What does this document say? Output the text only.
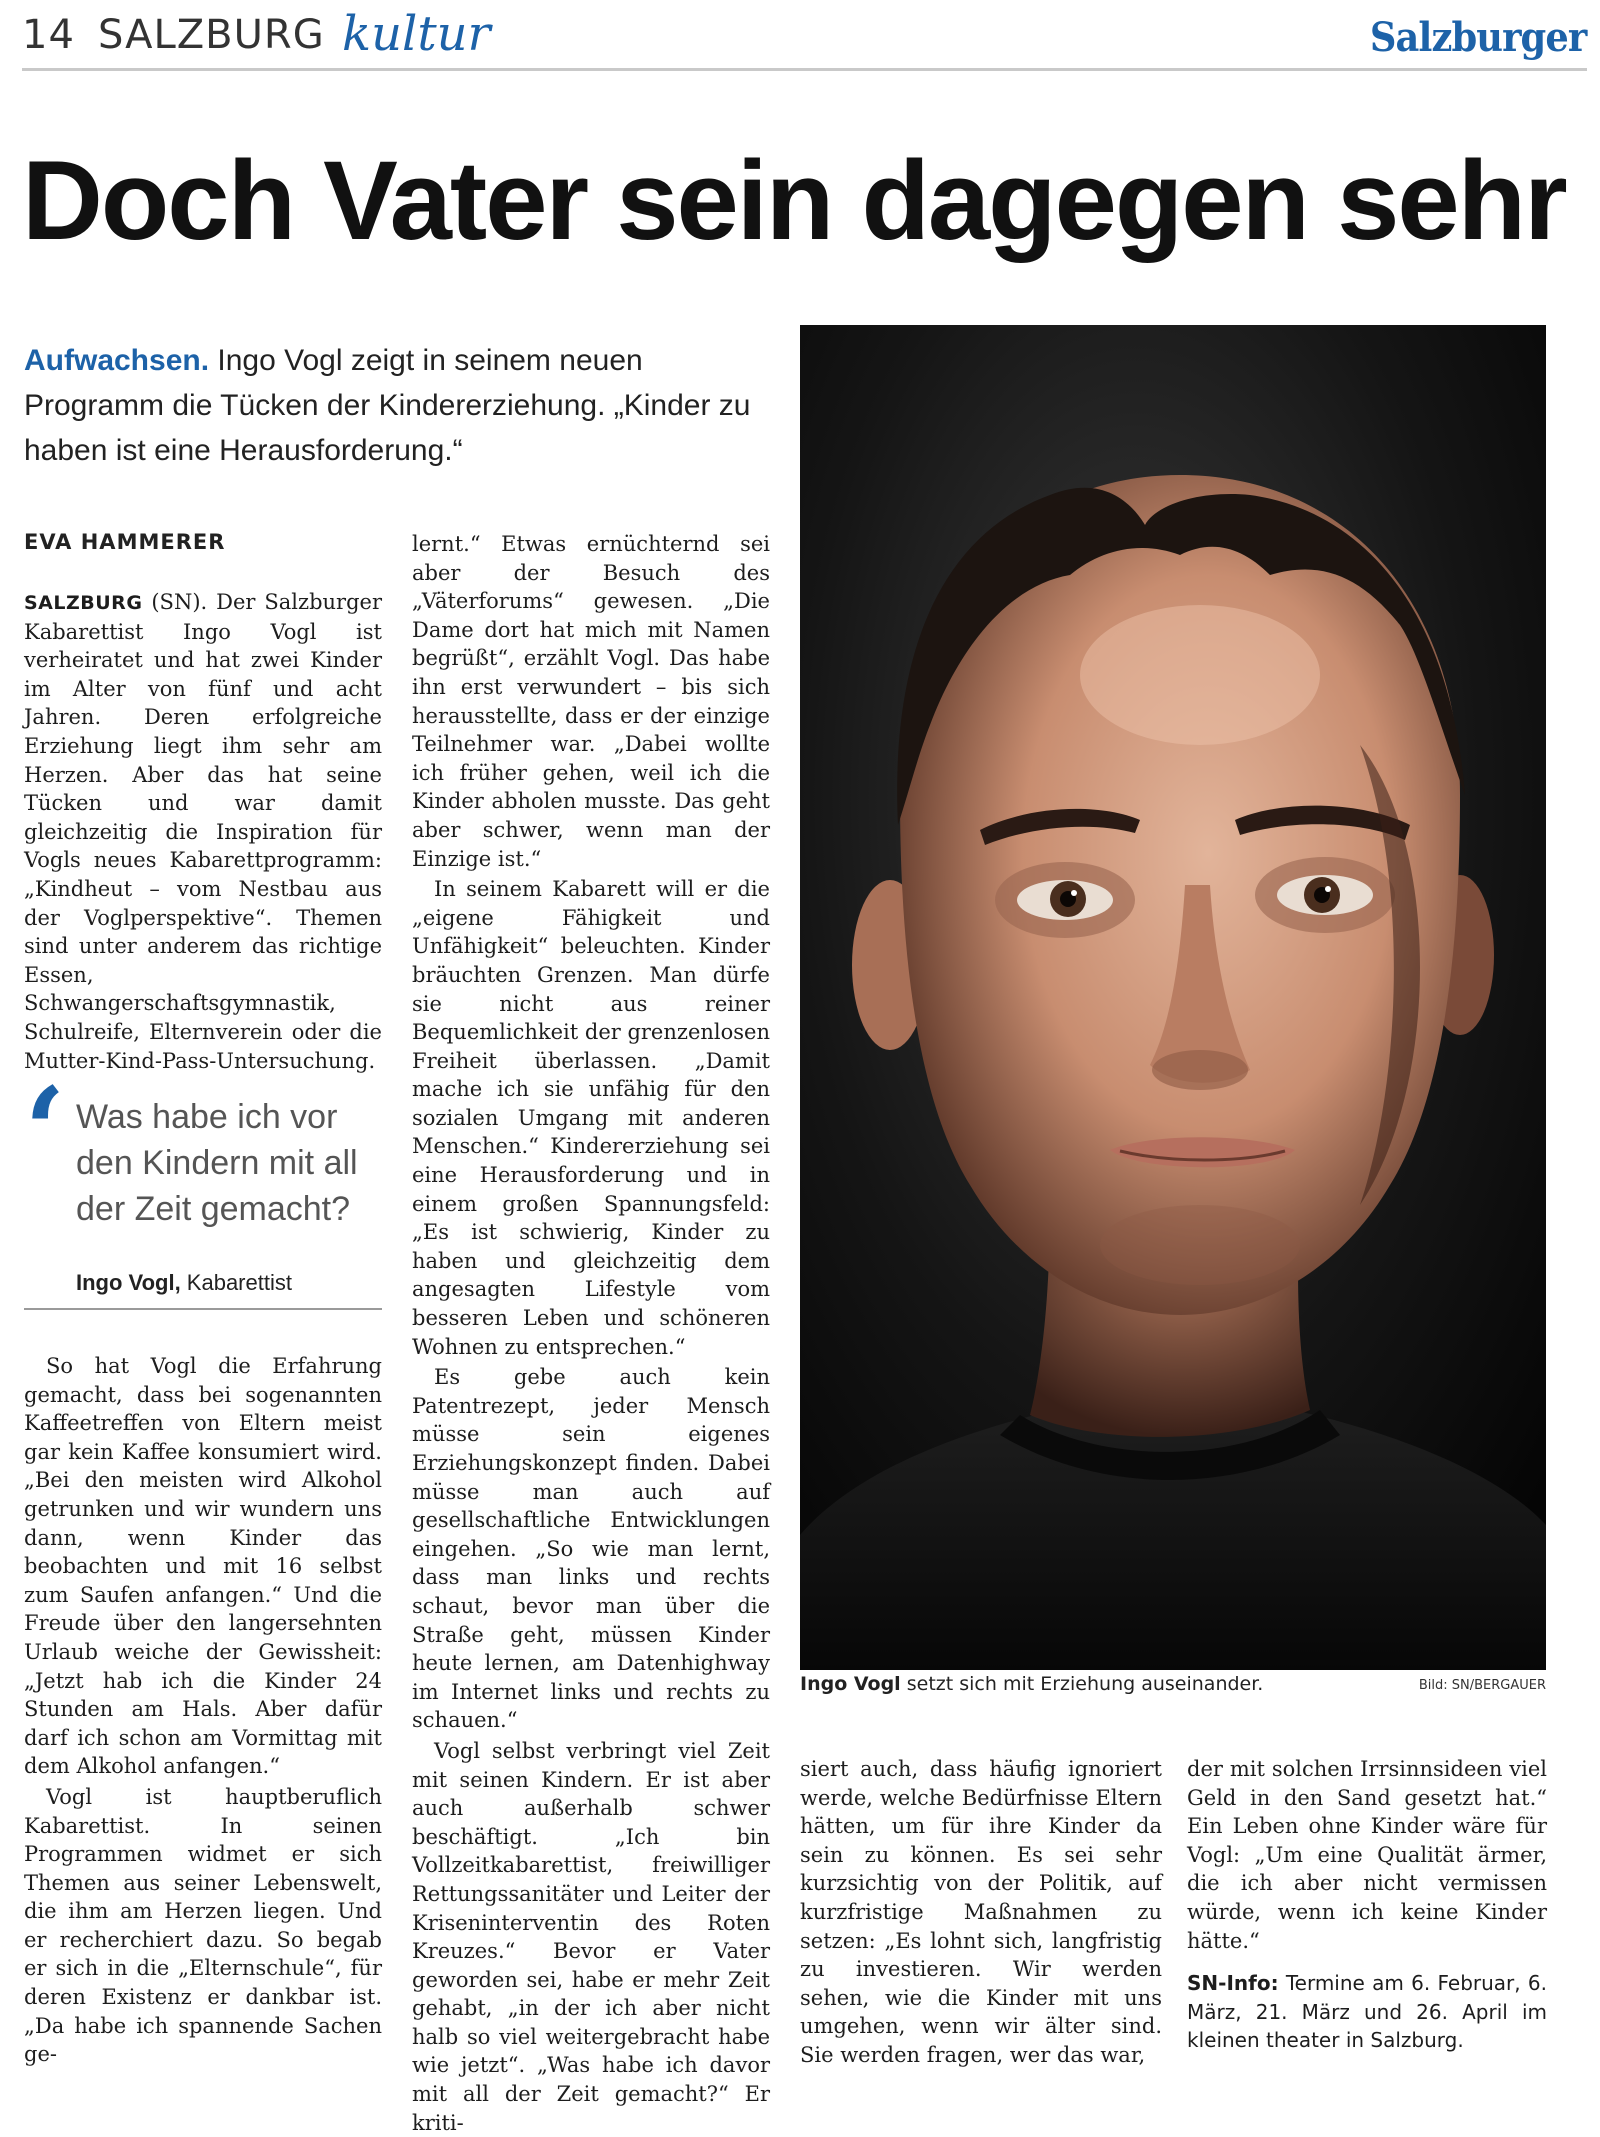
14 SALZBURG kultur	Salzburger
Doch Vater sein dagegen sehr
Aufwachsen. Ingo Vogl zeigt in seinem neuen Programm die Tücken der Kindererziehung. „Kinder zu haben ist eine Herausforderung.“
EVA HAMMERER

SALZBURG (SN). Der Salzburger Kabarettist Ingo Vogl ist verheiratet und hat zwei Kinder im Alter von fünf und acht Jahren. Deren erfolgreiche Erziehung liegt ihm sehr am Herzen. Aber das hat seine Tücken und war damit gleichzeitig die Inspiration für Vogls neues Kabarettprogramm: „Kindheut – vom Nestbau aus der Voglperspektive“. Themen sind unter anderem das richtige Essen, Schwangerschaftsgymnastik, Schulreife, Elternverein oder die Mutter-Kind-Pass-Untersuchung.

‘ Was habe ich vor den Kindern mit all der Zeit gemacht?
Ingo Vogl, Kabarettist

So hat Vogl die Erfahrung gemacht, dass bei sogenannten Kaffeetreffen von Eltern meist gar kein Kaffee konsumiert wird. „Bei den meisten wird Alkohol getrunken und wir wundern uns dann, wenn Kinder das beobachten und mit 16 selbst zum Saufen anfangen.“ Und die Freude über den langersehnten Urlaub weiche der Gewissheit: „Jetzt hab ich die Kinder 24 Stunden am Hals. Aber dafür darf ich schon am Vormittag mit dem Alkohol anfangen.“

Vogl ist hauptberuflich Kabarettist. In seinen Programmen widmet er sich Themen aus seiner Lebenswelt, die ihm am Herzen liegen. Und er recherchiert dazu. So begab er sich in die „Elternschule“, für deren Existenz er dankbar ist. „Da habe ich spannende Sachen ge-

lernt.“ Etwas ernüchternd sei aber der Besuch des „Väterforums“ gewesen. „Die Dame dort hat mich mit Namen begrüßt“, erzählt Vogl. Das habe ihn erst verwundert – bis sich herausstellte, dass er der einzige Teilnehmer war. „Dabei wollte ich früher gehen, weil ich die Kinder abholen musste. Das geht aber schwer, wenn man der Einzige ist.“

In seinem Kabarett will er die „eigene Fähigkeit und Unfähigkeit“ beleuchten. Kinder bräuchten Grenzen. Man dürfe sie nicht aus reiner Bequemlichkeit der grenzenlosen Freiheit überlassen. „Damit mache ich sie unfähig für den sozialen Umgang mit anderen Menschen.“ Kindererziehung sei eine Herausforderung und in einem großen Spannungsfeld: „Es ist schwierig, Kinder zu haben und gleichzeitig dem angesagten Lifestyle vom besseren Leben und schöneren Wohnen zu entsprechen.“

Es gebe auch kein Patentrezept, jeder Mensch müsse sein eigenes Erziehungskonzept finden. Dabei müsse man auch auf gesellschaftliche Entwicklungen eingehen. „So wie man lernt, dass man links und rechts schaut, bevor man über die Straße geht, müssen Kinder heute lernen, am Datenhighway im Internet links und rechts zu schauen.“

Vogl selbst verbringt viel Zeit mit seinen Kindern. Er ist aber auch außerhalb schwer beschäftigt. „Ich bin Vollzeitkabarettist, freiwilliger Rettungssanitäter und Leiter der Kriseninterventin des Roten Kreuzes.“ Bevor er Vater geworden sei, habe er mehr Zeit gehabt, „in der ich aber nicht halb so viel weitergebracht habe wie jetzt“. „Was habe ich davor mit all der Zeit gemacht?“ Er kriti-

Ingo Vogl setzt sich mit Erziehung auseinander.	Bild: SN/BERGAUER

siert auch, dass häufig ignoriert werde, welche Bedürfnisse Eltern hätten, um für ihre Kinder da sein zu können. Es sei sehr kurzsichtig von der Politik, auf kurzfristige Maßnahmen zu setzen: „Es lohnt sich, langfristig zu investieren. Wir werden sehen, wie die Kinder mit uns umgehen, wenn wir älter sind. Sie werden fragen, wer das war,

der mit solchen Irrsinnsideen viel Geld in den Sand gesetzt hat.“ Ein Leben ohne Kinder wäre für Vogl: „Um eine Qualität ärmer, die ich aber nicht vermissen würde, wenn ich keine Kinder hätte.“

SN-Info: Termine am 6. Februar, 6. März, 21. März und 26. April im kleinen theater in Salzburg.
